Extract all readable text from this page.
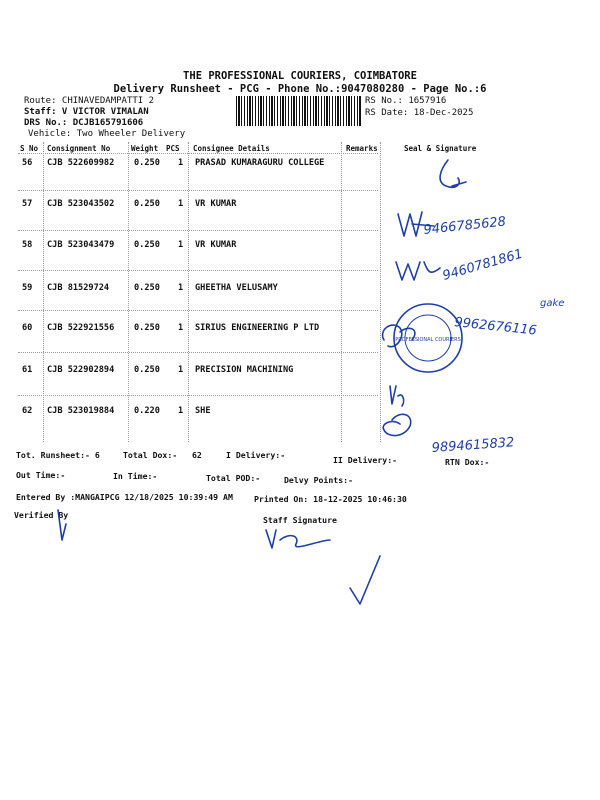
THE PROFESSIONAL COURIERS, COIMBATORE
Delivery Runsheet - PCG - Phone No.:9047080280 - Page No.:6
Route: CHINAVEDAMPATTI 2
Staff: V VICTOR VIMALAN
DRS No.: DCJB165791606
Vehicle: Two Wheeler Delivery
RS No.: 1657916
RS Date: 18-Dec-2025
S No Consignment No	Weight PCS Consignee Details	Remarks	Seal & Signature
56 CJB 522609982 0.250 1 PRASAD KUMARAGURU COLLEGE
57 CJB 523043502 0.250 1 VR KUMAR
58 CJB 523043479 0.250 1 VR KUMAR
59 CJB 81529724	0.250 1 GHEETHA VELUSAMY
60 CJB 522921556 0.250 1 SIRIUS ENGINEERING P LTD
61 CJB 522902894 0.250 1 PRECISION MACHINING
62 CJB 523019884 0.220 1 SHE
Tot. Runsheet:- 6	Total Dox:- 62	I Delivery:-	II Delivery:-	RTN Dox:-
Out Time:-	In Time:-	Total POD:-	Delvy Points:-
Entered By :MANGAIPCG 12/18/2025 10:39:49 AM	Printed On: 18-12-2025 10:46:30
Verified By	Staff Signature
9466785628
9460781861
gake
9962676116
9894615832
PROFESSIONAL COURIERS
